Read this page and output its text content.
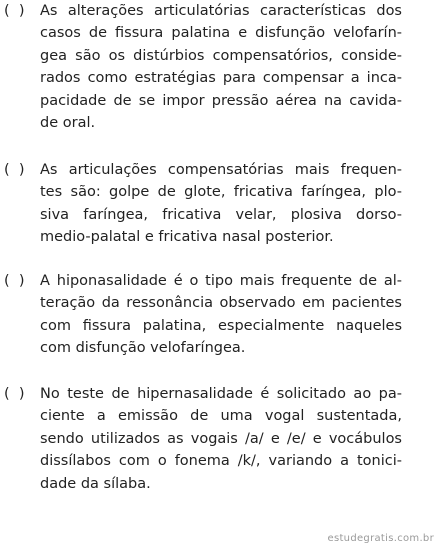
(  ) As alterações articulatórias características dos
casos de fissura palatina e disfunção velofarín-
gea são os distúrbios compensatórios, conside-
rados como estratégias para compensar a inca-
pacidade de se impor pressão aérea na cavida-
de oral.
(  ) As articulações compensatórias mais frequen-
tes são: golpe de glote, fricativa faríngea, plo-
siva faríngea, fricativa velar, plosiva dorso-
medio-palatal e fricativa nasal posterior.
(  ) A hiponasalidade é o tipo mais frequente de al-
teração da ressonância observado em pacientes
com fissura palatina, especialmente naqueles
com disfunção velofaríngea.
(  ) No teste de hipernasalidade é solicitado ao pa-
ciente a emissão de uma vogal sustentada,
sendo utilizados as vogais /a/ e /e/ e vocábulos
dissílabos com o fonema /k/, variando a tonici-
dade da sílaba.
estudegratis.com.br
